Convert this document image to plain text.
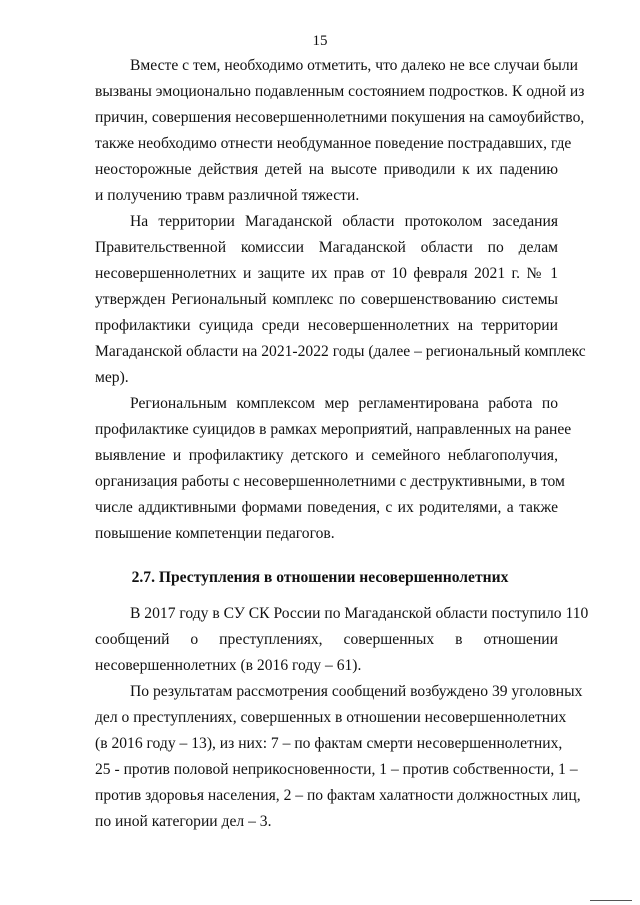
15
Вместе с тем, необходимо отметить, что далеко не все случаи были
вызваны эмоционально подавленным состоянием подростков. К одной из
причин, совершения несовершеннолетними покушения на самоубийство,
также необходимо отнести необдуманное поведение пострадавших, где
неосторожные действия детей на высоте приводили к их падению
и получению травм различной тяжести.
На территории Магаданской области протоколом заседания
Правительственной комиссии Магаданской области по делам
несовершеннолетних и защите их прав от 10 февраля 2021 г. № 1
утвержден Региональный комплекс по совершенствованию системы
профилактики суицида среди несовершеннолетних на территории
Магаданской области на 2021-2022 годы (далее – региональный комплекс
мер).
Региональным комплексом мер регламентирована работа по
профилактике суицидов в рамках мероприятий, направленных на ранее
выявление и профилактику детского и семейного неблагополучия,
организация работы с несовершеннолетними с деструктивными, в том
числе аддиктивными формами поведения, с их родителями, а также
повышение компетенции педагогов.
2.7. Преступления в отношении несовершеннолетних
В 2017 году в СУ СК России по Магаданской области поступило 110
сообщений о преступлениях, совершенных в отношении
несовершеннолетних (в 2016 году – 61).
По результатам рассмотрения сообщений возбуждено 39 уголовных
дел о преступлениях, совершенных в отношении несовершеннолетних
(в 2016 году – 13), из них: 7 – по фактам смерти несовершеннолетних,
25 - против половой неприкосновенности, 1 – против собственности, 1 –
против здоровья населения, 2 – по фактам халатности должностных лиц,
по иной категории дел – 3.
